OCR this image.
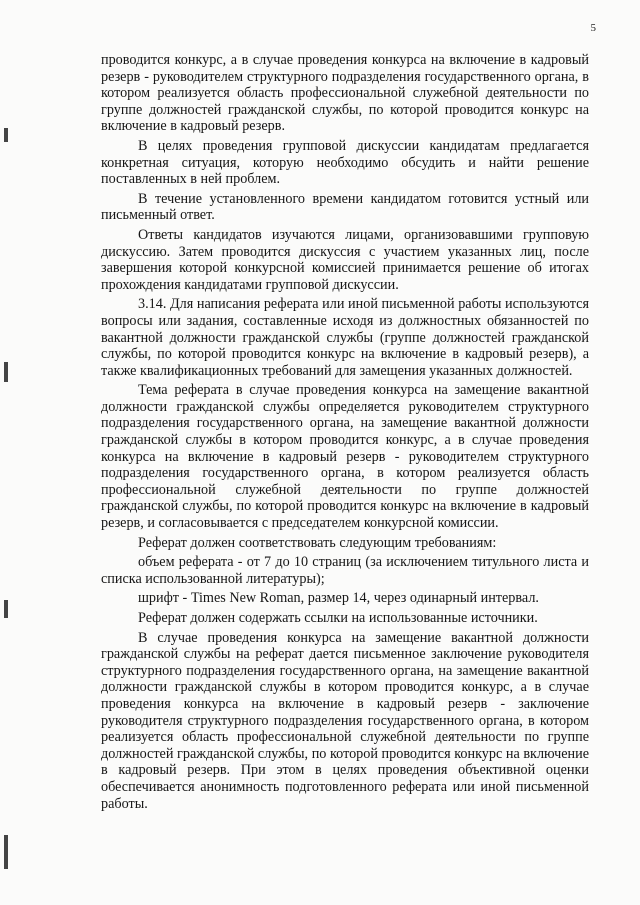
5

проводится конкурс, а в случае проведения конкурса на включение в кадровый резерв - руководителем структурного подразделения государственного органа, в котором реализуется область профессиональной служебной деятельности по группе должностей гражданской службы, по которой проводится конкурс на включение в кадровый резерв.

В целях проведения групповой дискуссии кандидатам предлагается конкретная ситуация, которую необходимо обсудить и найти решение поставленных в ней проблем.

В течение установленного времени кандидатом готовится устный или письменный ответ.

Ответы кандидатов изучаются лицами, организовавшими групповую дискуссию. Затем проводится дискуссия с участием указанных лиц, после завершения которой конкурсной комиссией принимается решение об итогах прохождения кандидатами групповой дискуссии.

3.14. Для написания реферата или иной письменной работы используются вопросы или задания, составленные исходя из должностных обязанностей по вакантной должности гражданской службы (группе должностей гражданской службы, по которой проводится конкурс на включение в кадровый резерв), а также квалификационных требований для замещения указанных должностей.

Тема реферата в случае проведения конкурса на замещение вакантной должности гражданской службы определяется руководителем структурного подразделения государственного органа, на замещение вакантной должности гражданской службы в котором проводится конкурс, а в случае проведения конкурса на включение в кадровый резерв - руководителем структурного подразделения государственного органа, в котором реализуется область профессиональной служебной деятельности по группе должностей гражданской службы, по которой проводится конкурс на включение в кадровый резерв, и согласовывается с председателем конкурсной комиссии.

Реферат должен соответствовать следующим требованиям:

объем реферата - от 7 до 10 страниц (за исключением титульного листа и списка использованной литературы);

шрифт - Times New Roman, размер 14, через одинарный интервал.

Реферат должен содержать ссылки на использованные источники.

В случае проведения конкурса на замещение вакантной должности гражданской службы на реферат дается письменное заключение руководителя структурного подразделения государственного органа, на замещение вакантной должности гражданской службы в котором проводится конкурс, а в случае проведения конкурса на включение в кадровый резерв - заключение руководителя структурного подразделения государственного органа, в котором реализуется область профессиональной служебной деятельности по группе должностей гражданской службы, по которой проводится конкурс на включение в кадровый резерв. При этом в целях проведения объективной оценки обеспечивается анонимность подготовленного реферата или иной письменной работы.
